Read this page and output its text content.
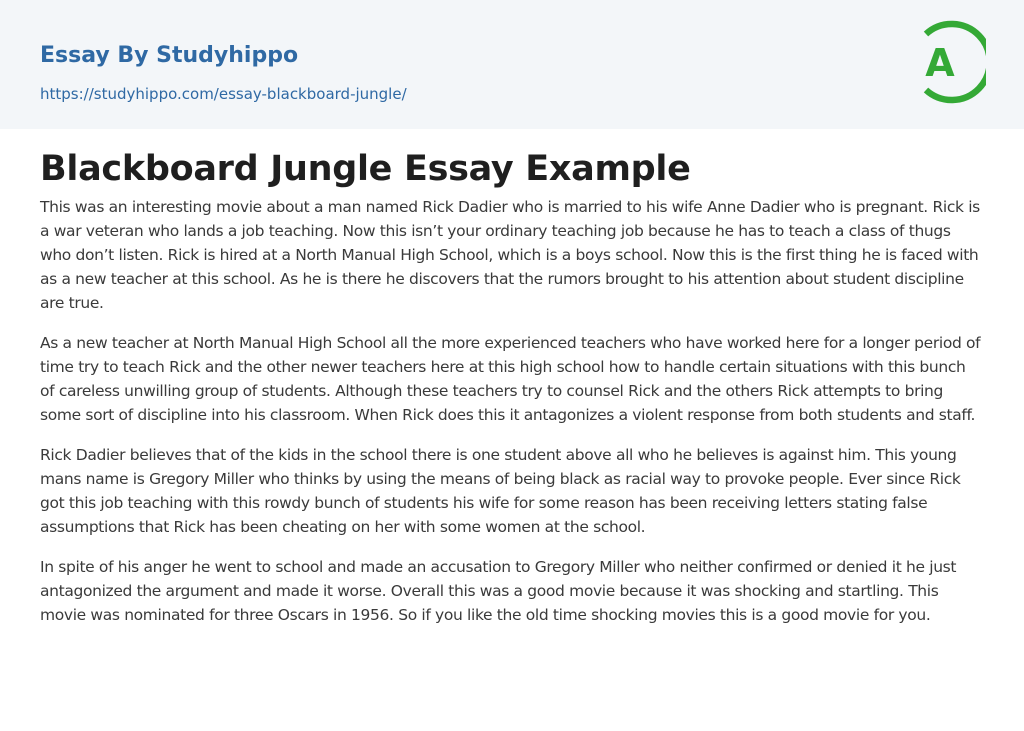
Essay By Studyhippo
https://studyhippo.com/essay-blackboard-jungle/
A
Blackboard Jungle Essay Example

This was an interesting movie about a man named Rick Dadier who is married to his wife Anne Dadier who is pregnant. Rick is a war veteran who lands a job teaching. Now this isn’t your ordinary teaching job because he has to teach a class of thugs who don’t listen. Rick is hired at a North Manual High School, which is a boys school. Now this is the first thing he is faced with as a new teacher at this school. As he is there he discovers that the rumors brought to his attention about student discipline are true.

As a new teacher at North Manual High School all the more experienced teachers who have worked here for a longer period of time try to teach Rick and the other newer teachers here at this high school how to handle certain situations with this bunch of careless unwilling group of students. Although these teachers try to counsel Rick and the others Rick attempts to bring some sort of discipline into his classroom. When Rick does this it antagonizes a violent response from both students and staff.

Rick Dadier believes that of the kids in the school there is one student above all who he believes is against him. This young mans name is Gregory Miller who thinks by using the means of being black as racial way to provoke people. Ever since Rick got this job teaching with this rowdy bunch of students his wife for some reason has been receiving letters stating false assumptions that Rick has been cheating on her with some women at the school.

In spite of his anger he went to school and made an accusation to Gregory Miller who neither confirmed or denied it he just antagonized the argument and made it worse. Overall this was a good movie because it was shocking and startling. This movie was nominated for three Oscars in 1956. So if you like the old time shocking movies this is a good movie for you.
